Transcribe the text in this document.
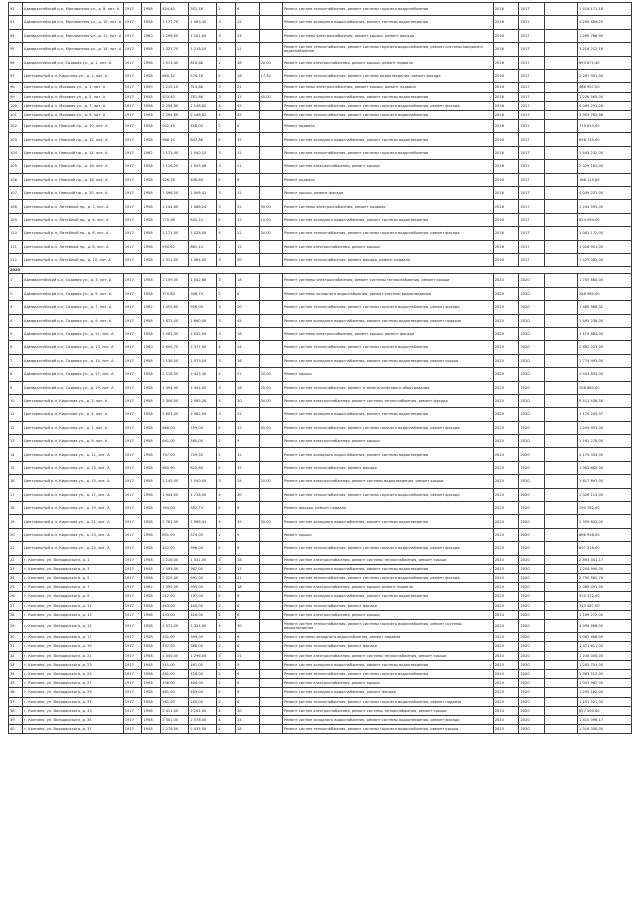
92	Адмиралтейский р-н, Миллионная ул., д. 8, лит. А	1917	1958	424,40	352,16	2	6		Ремонт систем теплоснабжения, ремонт системы горячего водоснабжения	2016	2017		1 516 171,18
93	Адмиралтейский р-н, Миллионная ул., д. 10, лит. А	1917	1958	1 177,76	1 083,30	3	12		Ремонт систем холодного водоснабжения, ремонт системы водоотведения	2016	2017		1 290 484,25
94	Адмиралтейский р-н, Миллионная ул., д. 12, лит. А	1917	1960	1 296,50	1 161,84	3	24		Ремонт системы электроснабжения, ремонт крыши, ремонт фасада	2016	2017		1 289 766,90
95	Адмиралтейский р-н, Миллионная ул., д. 14, лит. А	1917	1958	1 327,70	1 218,10	3	21		Ремонт систем теплоснабжения, ремонт системы горячего водоснабжения, ремонт системы холодного водоснабжения	2016	2017		3 216 212,16
96	Адмиралтейский р-н, Садовая ул., д. 1, лит. А	1917	1958	1 013,40	816,88	2	18	20,00	Ремонт систем электроснабжения, ремонт крыши, ремонт подвала	2016	2017		653 871,40
97	Центральный р-н, Кирочная ул., д. 1, лит. А	1917	1958	640,32	576,18	2	18	17,30	Ремонт систем теплоснабжения, ремонт системы водоотведения, ремонт фасада	2016	2017		2 287 901,00
98	Центральный р-н, Моховая ул., д. 3, лит. А	1917	1959	1 219,10	913,88	3	21		Ремонт системы электроснабжения, ремонт крыши, ремонт подвала	2016	2017		486 907,00
99	Центральный р-н, Моховая ул., д. 5, лит. А	1917	1958	923,40	781,66	3	15	40,00	Ремонт систем холодного водоснабжения, ремонт системы водоотведения	2016	2017		1 226 565,00
100	Центральный р-н, Моховая ул., д. 7, лит. А	1917	1958	2 294,80	2 148,82	4	45		Ремонт систем теплоснабжения, ремонт системы горячего водоснабжения, ремонт фасада	2016	2017		4 049 291,26
101	Центральный р-н, Моховая ул., д. 9, лит. А	1917	1958	2 294,80	2 148,82	4	45		Ремонт систем теплоснабжения, ремонт системы горячего водоснабжения	2016	2017		3 903 782,86
102	Центральный р-н, Невский пр., д. 10, лит. А	1917	1958	502,44	458,00	2	6		Ремонт подвала	2016	2017		719 613,00
103	Центральный р-н, Невский пр., д. 12, лит. А	1917	1958	988,20	847,86	2	15		Ремонт систем холодного водоснабжения, ремонт системы водоотведения	2016	2017		656 735,00
104	Центральный р-н, Невский пр., д. 14, лит. А	1917	1962	1 171,40	1 040,10	3	12		Ремонт систем теплоснабжения, ремонт системы горячего водоснабжения	2016	2017		1 443 232,00
105	Центральный р-н, Невский пр., д. 16, лит. А	1917	1958	1 116,20	1 005,48	3	21		Ремонт систем электроснабжения, ремонт крыши	2016	2017		2 029 162,00
106	Центральный р-н, Невский пр., д. 18, лит. А	1917	1958	426,26	408,84	2	6		Ремонт подвала	2016	2017		186 115,89
107	Центральный р-н, Невский пр., д. 20, лит. А	1917	1958	1 096,20	1 006,42	3	12		Ремонт крыши, ремонт фасада	2016	2017		4 049 227,00
108	Центральный р-н, Литейный пр., д. 2, лит. А	1917	1958	1 144,60	1 086,24	3	22	30,00	Ремонт системы электроснабжения, ремонт подвала	2016	2017		1 244 595,00
109	Центральный р-н, Литейный пр., д. 4, лит. А	1917	1958	770,98	645,12	2	12	10,00	Ремонт систем холодного водоснабжения, ремонт системы водоотведения	2016	2017		824 594,00
110	Центральный р-н, Литейный пр., д. 6, лит. А	1917	1958	1 171,00	1 028,00	4	22	30,00	Ремонт систем теплоснабжения, ремонт системы горячего водоснабжения, ремонт фасада	2016	2017		1 081 172,00
111	Центральный р-н, Литейный пр., д. 8, лит. А	1917	1958	950,62	861,14	2	15		Ремонт систем электроснабжения, ремонт крыши	2016	2017		1 028 901,00
112	Центральный р-н, Литейный пр., д. 10, лит. А	1917	1958	1 311,00	1 064,00	3	20		Ремонт систем теплоснабжения, ремонт фасада, ремонт подвала	2016	2017		1 425 082,00
2020													
1	Адмиралтейский р-н, Садовая ул., д. 3, лит. А	1917	1958	1 159,00	1 042,68	3	18		Ремонт системы электроснабжения, ремонт системы теплоснабжения, ремонт крыши	2020	2020		1 755 884,00
2	Адмиралтейский р-н, Садовая ул., д. 5, лит. А	1917	1958	370,80	308,74	2	6		Ремонт системы холодного водоснабжения, ремонт системы водоотведения	2020	2020		286 960,00
3	Адмиралтейский р-н, Садовая ул., д. 7, лит. А	1917	1962	1 055,60	956,00	3	20		Ремонт систем теплоснабжения, ремонт системы горячего водоснабжения, ремонт фасада	2020	2020		1 460 986,32
4	Адмиралтейский р-н, Садовая ул., д. 9, лит. А	1917	1958	1 875,00	1 660,00	3	45		Ремонт систем холодного водоснабжения, ремонт системы водоотведения, ремонт подвала	2020	2020		1 495 236,00
5	Адмиралтейский р-н, Садовая ул., д. 11, лит. А	1917	1958	1 062,30	1 052,00	3	18		Ремонт системы электроснабжения, ремонт крыши, ремонт фасада	2020	2020		1 119 884,00
6	Адмиралтейский р-н, Садовая ул., д. 13, лит. А	1917	1960	2 609,70	2 377,00	4	24		Ремонт систем теплоснабжения, ремонт системы горячего водоснабжения	2020	2020		2 662 023,00
7	Адмиралтейский р-н, Садовая ул., д. 15, лит. А	1917	1958	1 138,50	1 073,04	3	16		Ремонт систем холодного водоснабжения, ремонт системы водоотведения, ремонт крыши	2020	2020		1 774 993,00
8	Адмиралтейский р-н, Садовая ул., д. 17, лит. А	1917	1958	2 518,00	2 425,30	4	27	20,00	Ремонт крыши	2020	2020		2 434 893,00
9	Адмиралтейский р-н, Садовая ул., д. 19, лит. А	1917	1958	1 494,90	1 454,00	3	18	20,00	Ремонт систем теплоснабжения, ремонт и замена лифтового оборудования	2020	2020		208 880,00
10	Центральный р-н, Кирочная ул., д. 3, лит. А	1917	1958	2 306,00	2 085,26	4	30	30,00	Ремонт систем электроснабжения, ремонт системы теплоснабжения, ремонт фасада	2020	2020		5 511 436,58
11	Центральный р-н, Кирочная ул., д. 5, лит. А	1917	1958	1 601,00	1 482,00	3	22		Ремонт систем холодного водоснабжения, ремонт системы водоотведения	2020	2020		1 175 245,97
12	Центральный р-н, Кирочная ул., д. 7, лит. А	1917	1958	866,00	759,00	2	12	40,00	Ремонт систем теплоснабжения, ремонт системы горячего водоснабжения, ремонт фасада	2020	2020		1 204 953,00
13	Центральный р-н, Кирочная ул., д. 9, лит. А	1917	1958	641,00	580,00	2	9		Ремонт систем электроснабжения, ремонт крыши	2020	2020		1 161 278,00
14	Центральный р-н, Кирочная ул., д. 11, лит. А	1917	1958	797,00	729,50	2	12		Ремонт систем холодного водоснабжения, ремонт системы водоотведения	2020	2020		2 175 333,00
15	Центральный р-н, Кирочная ул., д. 13, лит. А	1917	1958	680,90	620,80	2	15		Ремонт систем теплоснабжения, ремонт фасада	2020	2020		1 063 665,00
16	Центральный р-н, Кирочная ул., д. 15, лит. А	1917	1958	1 145,00	1 040,00	3	24	20,00	Ремонт систем электроснабжения, ремонт системы водоотведения, ремонт крыши	2020	2020		1 617 897,00
17	Центральный р-н, Кирочная ул., д. 17, лит. А	1917	1958	1 944,00	1 718,00	4	30		Ремонт систем теплоснабжения, ремонт системы горячего водоснабжения, ремонт фасада	2020	2020		2 326 113,00
18	Центральный р-н, Кирочная ул., д. 19, лит. А	1917	1958	394,00	352,73	2	6		Ремонт фасада, ремонт подвала	2020	2020		290 782,00
19	Центральный р-н, Кирочная ул., д. 21, лит. А	1917	1958	2 781,00	2 566,41	4	45	30,00	Ремонт систем холодного водоснабжения, ремонт системы водоотведения	2020	2020		2 359 632,00
20	Центральный р-н, Кирочная ул., д. 23, лит. А	1917	1958	651,00	574,00	2	9		Ремонт крыши	2020	2020		666 938,00
21	Центральный р-н, Кирочная ул., д. 25, лит. А	1917	1958	452,00	396,00	2	6		Ремонт систем теплоснабжения, ремонт системы горячего водоснабжения, ремонт фасада	2020	2020		807 916,00
22	г. Колпино, ул. Володарского, д. 1	1917	1958	1 218,00	1 031,00	3	18		Ремонт систем электроснабжения, ремонт системы теплоснабжения, ремонт крыши	2020	2020		2 893 341,17
23	г. Колпино, ул. Володарского, д. 3	1917	1958	1 093,00	987,00	3	15		Ремонт систем холодного водоснабжения, ремонт системы водоотведения	2020	2020		1 204 990,00
24	г. Колпино, ул. Володарского, д. 5	1917	1958	1 025,00	991,00	3	21		Ремонт систем теплоснабжения, ремонт системы горячего водоснабжения, ремонт фасада	2020	2020		2 750 562,76
25	г. Колпино, ул. Володарского, д. 7	1917	1962	1 092,00	999,00	3	18		Ремонт систем электроснабжения, ремонт крыши, ремонт подвала	2020	2020		2 089 091,00
26	г. Колпино, ул. Володарского, д. 9	1917	1958	217,00	197,00	2	6		Ремонт систем холодного водоснабжения, ремонт системы водоотведения	2020	2020		910 372,00
27	г. Колпино, ул. Володарского, д. 11	1917	1958	463,00	400,00	2	6		Ремонт систем теплоснабжения, ремонт фасада	2020	2020		743 487,00
28	г. Колпино, ул. Володарского, д. 13	1917	1958	453,00	416,00	2	6		Ремонт систем электроснабжения, ремонт крыши	2020	2020		1 169 272,00
29	г. Колпино, ул. Володарского, д. 15	1917	1958	2 572,00	2 324,00	4	30		Ремонт систем теплоснабжения, ремонт системы горячего водоснабжения, ремонт системы водоотведения	2020	2020		4 094 886,00
30	г. Колпино, ул. Володарского, д. 17	1917	1958	431,00	399,00	2	6		Ремонт системы холодного водоснабжения, ремонт подвала	2020	2020		1 062 466,00
31	г. Колпино, ул. Володарского, д. 19	1917	1958	437,00	368,00	2	6		Ремонт систем теплоснабжения, ремонт фасада	2020	2020		1 471 611,00
32	г. Колпино, ул. Володарского, д. 21	1917	1958	1 440,00	1 296,00	3	21		Ремонт систем электроснабжения, ремонт системы теплоснабжения, ремонт крыши	2020	2020		1 245 000,00
33	г. Колпино, ул. Володарского, д. 23	1917	1958	511,00	461,00	2	9		Ремонт систем холодного водоснабжения, ремонт системы водоотведения	2020	2020		1 205 751,00
34	г. Колпино, ул. Володарского, д. 25	1917	1958	461,00	418,00	2	6		Ремонт систем теплоснабжения, ремонт системы горячего водоснабжения	2020	2020		1 383 512,00
35	г. Колпино, ул. Володарского, д. 27	1917	1958	436,00	404,00	2	6		Ремонт систем электроснабжения, ремонт крыши	2020	2020		1 003 962,00
36	г. Колпино, ул. Володарского, д. 29	1917	1958	461,00	409,00	2	6		Ремонт систем холодного водоснабжения, ремонт фасада	2020	2020		1 293 162,00
37	г. Колпино, ул. Володарского, д. 31	1917	1958	261,00	250,00	2	6		Ремонт систем теплоснабжения, ремонт системы горячего водоснабжения, ремонт подвала	2020	2020		1 191 521,00
38	г. Колпино, ул. Володарского, д. 33	1917	1958	2 411,00	2 201,00	4	30		Ремонт систем электроснабжения, ремонт системы теплоснабжения, ремонт крыши	2020	2020		857 500,00
39	г. Колпино, ул. Володарского, д. 35	1917	1958	2 301,00	2 078,00	4	24		Ремонт систем холодного водоснабжения, ремонт системы водоотведения, ремонт фасада	2020	2020		1 415 096,17
40	г. Колпино, ул. Володарского, д. 37	1917	1958	2 278,00	2 035,00	4	18		Ремонт систем теплоснабжения, ремонт системы горячего водоснабжения, ремонт крыши	2020	2020		1 018 300,00
